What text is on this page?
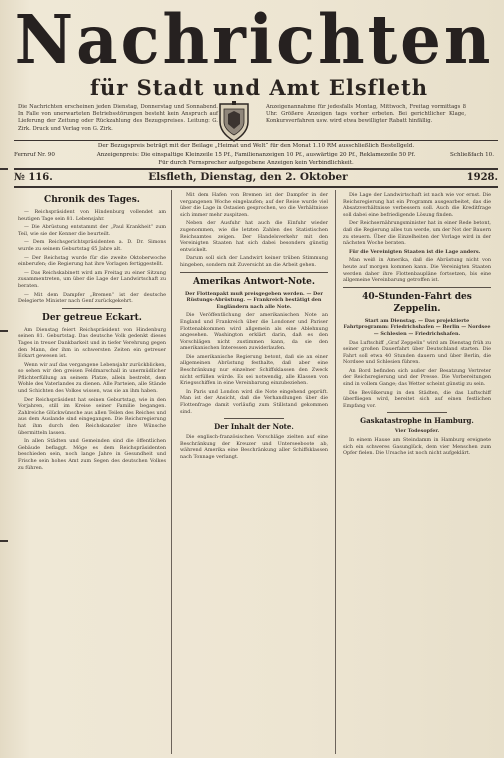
Nachrichten
für Stadt und Amt Elsfleth
Die Nachrichten erscheinen jeden Dienstag, Donnerstag und Sonnabend. In Falle von unerwarteten Betriebsstörungen besteht kein Anspruch auf Lieferung der Zeitung oder Rückzahlung des Bezugspreises. Leitung: G. Zirk. Druck und Verlag von G. Zirk.
Anzeigenannahme für jedesfalls Montag, Mittwoch, Freitag vormittags 8 Uhr. Größere Anzeigen tags vorher erbeten. Bei gerichtlicher Klage, Konkursverfahren usw. wird etwa bewilligter Rabatt hinfällig.
Der Bezugspreis beträgt mit der Beilage „Heimat und Welt“ für den Monat 1.10 RM ausschließlich Bestellgeld.
Fernruf Nr. 90	Anzeigenpreis: Die einspaltige Kleinzeile 15 Pf., Familienanzeigen 10 Pf., auswärtige 20 Pf., Reklamezeile 50 Pf.	Schließfach 10.
Für durch Fernsprecher aufgegebene Anzeigen kein Verbindlichkeit.
№ 116.	Elsfleth, Dienstag, den 2. Oktober	1928.
Chronik des Tages.
— Reichspräsident von Hindenburg vollendet am heutigen Tage sein 81. Lebensjahr.
— Die Abrüstung entstammt der „Paul Krankheit“ zum Teil, wie sie der Kenner die beurteilt.
— Dem Reichsgerichtspräsidenten a. D. Dr. Simons wurde zu seinem Geburtstag 65 Jahre alt.
— Der Reichstag wurde für die zweite Oktoberwoche einberufen; die Regierung hat ihre Vorlagen fertiggestellt.
— Das Reichskabinett wird am Freitag zu einer Sitzung zusammentreten, um über die Lage der Landwirtschaft zu beraten.
— Mit dem Dampfer „Bremen“ ist der deutsche Delegierte Minister nach Genf zurückgekehrt.
Der getreue Eckart.
Am Dienstag feiert Reichspräsident von Hindenburg seinen 81. Geburtstag. Das deutsche Volk gedenkt dieses Tages in treuer Dankbarkeit und in tiefer Verehrung gegen den Mann, der ihm in schwersten Zeiten ein getreuer Eckart gewesen ist.
Wenn wir auf das vergangene Lebensjahr zurückblicken, so sehen wir den greisen Feldmarschall in unermüdlicher Pflichterfüllung an seinem Platze, allein bestrebt, dem Wohle des Vaterlandes zu dienen. Alle Parteien, alle Stände und Schichten des Volkes wissen, was sie an ihm haben.
Der Reichspräsident hat seinen Geburtstag, wie in den Vorjahren, still im Kreise seiner Familie begangen. Zahlreiche Glückwünsche aus allen Teilen des Reiches und aus dem Auslande sind eingegangen. Die Reichsregierung hat ihm durch den Reichskanzler ihre Wünsche übermitteln lassen.
In allen Städten und Gemeinden sind die öffentlichen Gebäude beflaggt. Möge es dem Reichspräsidenten beschieden sein, noch lange Jahre in Gesundheit und Frische sein hohes Amt zum Segen des deutschen Volkes zu führen.
Mit dem Hafen von Bremen ist der Dampfer in der vergangenen Woche eingelaufen; auf der Reise wurde viel über die Lage in Ostasien gesprochen, wo die Verhältnisse sich immer mehr zuspitzen.
Neben der Ausfuhr hat auch die Einfuhr wieder zugenommen, wie die letzten Zahlen des Statistischen Reichsamtes zeigen. Der Handelsverkehr mit den Vereinigten Staaten hat sich dabei besonders günstig entwickelt.
Darum soll sich der Landwirt keiner trüben Stimmung hingeben, sondern mit Zuversicht an die Arbeit gehen.
Amerikas Antwort-Note.
Der Flottenpakt muß preisgegeben werden. — Der Rüstungs-Abrüstung. — Frankreich bestätigt den Engländern nach alle Note.
Die Veröffentlichung der amerikanischen Note an England und Frankreich über die Londoner und Pariser Flottenabkommen wird allgemein als eine Ablehnung angesehen. Washington erklärt darin, daß es den Vorschlägen nicht zustimmen kann, da sie den amerikanischen Interessen zuwiderlaufen.
Die amerikanische Regierung betont, daß sie an einer allgemeinen Abrüstung festhalte, daß aber eine Beschränkung nur einzelner Schiffsklassen den Zweck nicht erfüllen würde. Es sei notwendig, alle Klassen von Kriegsschiffen in eine Vereinbarung einzubeziehen.
In Paris und London wird die Note eingehend geprüft. Man ist der Ansicht, daß die Verhandlungen über die Flottenfrage damit vorläufig zum Stillstand gekommen sind.
Der Inhalt der Note.
Die englisch-französischen Vorschläge zielten auf eine Beschränkung der Kreuzer und Unterseeboote ab, während Amerika eine Beschränkung aller Schiffsklassen nach Tonnage verlangt.
Die Lage der Landwirtschaft ist nach wie vor ernst. Die Reichsregierung hat ein Programm ausgearbeitet, das die Absatzverhältnisse verbessern soll. Auch die Kreditfrage soll dabei eine befriedigende Lösung finden.
Der Reichsernährungsminister hat in einer Rede betont, daß die Regierung alles tun werde, um der Not der Bauern zu steuern. Über die Einzelheiten der Vorlage wird in der nächsten Woche beraten.
Für die Vereinigten Staaten ist die Lage anders.
Man weiß in Amerika, daß die Abrüstung nicht von heute auf morgen kommen kann. Die Vereinigten Staaten werden daher ihre Flottenbaupläne fortsetzen, bis eine allgemeine Vereinbarung getroffen ist.
40-Stunden-Fahrt des Zeppelin.
Start am Dienstag. — Das projektierte Fahrtprogramm: Friedrichshafen — Berlin — Nordsee — Schlesien — Friedrichshafen.
Das Luftschiff „Graf Zeppelin“ wird am Dienstag früh zu seiner großen Dauerfahrt über Deutschland starten. Die Fahrt soll etwa 40 Stunden dauern und über Berlin, die Nordsee und Schlesien führen.
An Bord befinden sich außer der Besatzung Vertreter der Reichsregierung und der Presse. Die Vorbereitungen sind in vollem Gange; das Wetter scheint günstig zu sein.
Die Bevölkerung in den Städten, die das Luftschiff überfliegen wird, bereitet sich auf einen festlichen Empfang vor.
Gaskatastrophe in Hamburg.
Vier Todesopfer.
In einem Hause am Steindamm in Hamburg ereignete sich ein schweres Gasunglück, dem vier Menschen zum Opfer fielen. Die Ursache ist noch nicht aufgeklärt.
